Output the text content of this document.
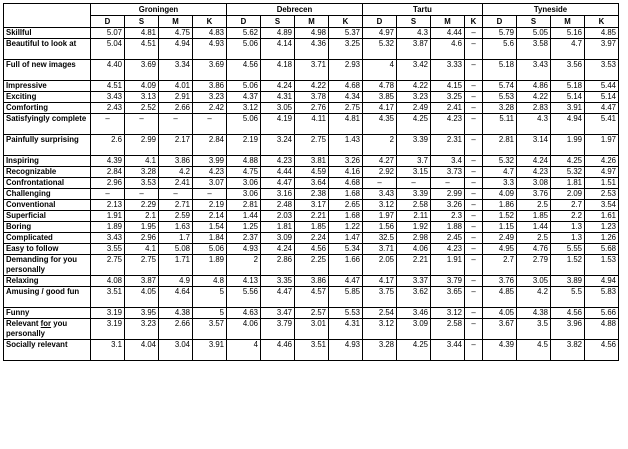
	Groningen				Debrecen				Tartu				Tyneside			
	D	S	M	K	D	S	M	K	D	S	M	K	D	S	M	K
Skillful	5.07	4.81	4.75	4.83	5.62	4.89	4.98	5.37	4.97	4.3	4.44	–	5.79	5.05	5.16	4.85
Beautiful to look at	5.04	4.51	4.94	4.93	5.06	4.14	4.36	3.25	5.32	3.87	4.6	–	5.6	3.58	4.7	3.97
Full of new images	4.40	3.69	3.34	3.69	4.56	4.18	3.71	2.93	4	3.42	3.33	–	5.18	3.43	3.56	3.53
Impressive	4.51	4.09	4.01	3.86	5.06	4.24	4.22	4.68	4.78	4.22	4.15	–	5.74	4.86	5.18	5.44
Exciting	3.43	3.13	2.91	3.23	4.37	4.31	3.78	4.34	3.85	3.23	3.25	–	5.53	4.22	5.14	5.14
Comforting	2.43	2.52	2.66	2.42	3.12	3.05	2.76	2.75	4.17	2.49	2.41	–	3.28	2.83	3.91	4.47
Satisfyingly complete	–	–	–	–	5.06	4.19	4.11	4.81	4.35	4.25	4.23	–	5.11	4.3	4.94	5.41
Painfully surprising	2.6	2.99	2.17	2.84	2.19	3.24	2.75	1.43	2	3.39	2.31	–	2.81	3.14	1.99	1.97
Inspiring	4.39	4.1	3.86	3.99	4.88	4.23	3.81	3.26	4.27	3.7	3.4	–	5.32	4.24	4.25	4.26
Recognizable	2.84	3.28	4.2	4.23	4.75	4.44	4.59	4.16	2.92	3.15	3.73	–	4.7	4.23	5.32	4.97
Confrontational	2.96	3.53	2.41	3.07	3.06	4.47	3.64	4.68	–	–	–	–	3.3	3.08	1.81	1.51
Challenging	–	–	–	–	3.06	3.16	2.38	1.68	3.43	3.39	2.99	–	4.09	3.76	2.09	2.53
Conventional	2.13	2.29	2.71	2.19	2.81	2.48	3.17	2.65	3.12	2.58	3.26	–	1.86	2.5	2.7	3.54
Superficial	1.91	2.1	2.59	2.14	1.44	2.03	2.21	1.68	1.97	2.11	2.3	–	1.52	1.85	2.2	1.61
Boring	1.89	1.95	1.63	1.54	1.25	1.81	1.85	1.22	1.56	1.92	1.88	–	1.15	1.44	1.3	1.23
Complicated	3.43	2.96	1.7	1.84	2.37	3.09	2.24	1.47	32.5	2.98	2.45	–	2.49	2.5	1.3	1.26
Easy to follow	3.55	4.1	5.08	5.06	4.93	4.24	4.56	5.34	3.71	4.06	4.23	–	4.95	4.76	5.55	5.68
Demanding for you personally	2.75	2.75	1.71	1.89	2	2.86	2.25	1.66	2.05	2.21	1.91	–	2.7	2.79	1.52	1.53
Relaxing	4.08	3.87	4.9	4.8	4.13	3.35	3.86	4.47	4.17	3.37	3.79	–	3.76	3.05	3.89	4.94
Amusing / good fun	3.51	4.05	4.64	5	5.56	4.47	4.57	5.85	3.75	3.62	3.65	–	4.85	4.2	5.5	5.83
Funny	3.19	3.95	4.38	5	4.63	3.47	2.57	5.53	2.54	3.46	3.12	–	4.05	4.38	4.56	5.66
Relevant for you personally	3.19	3.23	2.66	3.57	4.06	3.79	3.01	4.31	3.12	3.09	2.58	–	3.67	3.5	3.96	4.88
Socially relevant	3.1	4.04	3.04	3.91	4	4.46	3.51	4.93	3.28	4.25	3.44	–	4.39	4.5	3.82	4.56
